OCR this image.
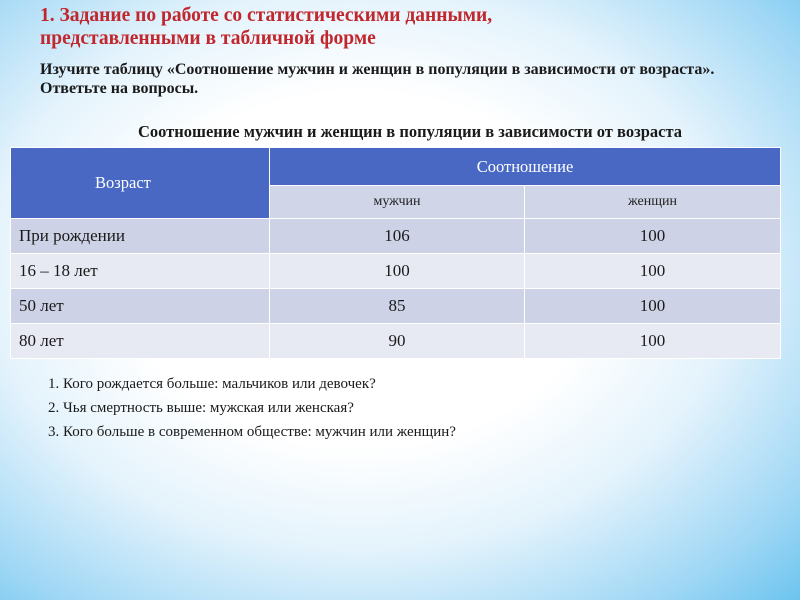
1. Задание по работе со статистическими данными,
представленными в табличной форме
Изучите таблицу «Соотношение мужчин и женщин в популяции в зависимости от возраста». Ответьте на вопросы.
Соотношение мужчин и женщин в популяции в зависимости от возраста
Возраст	Соотношение	
	мужчин	женщин
При рождении	106	100
16 – 18 лет	100	100
50 лет	85	100
80 лет	90	100
1. Кого рождается больше: мальчиков или девочек?
2. Чья смертность выше: мужская или женская?
3. Кого больше в современном обществе: мужчин или женщин?
